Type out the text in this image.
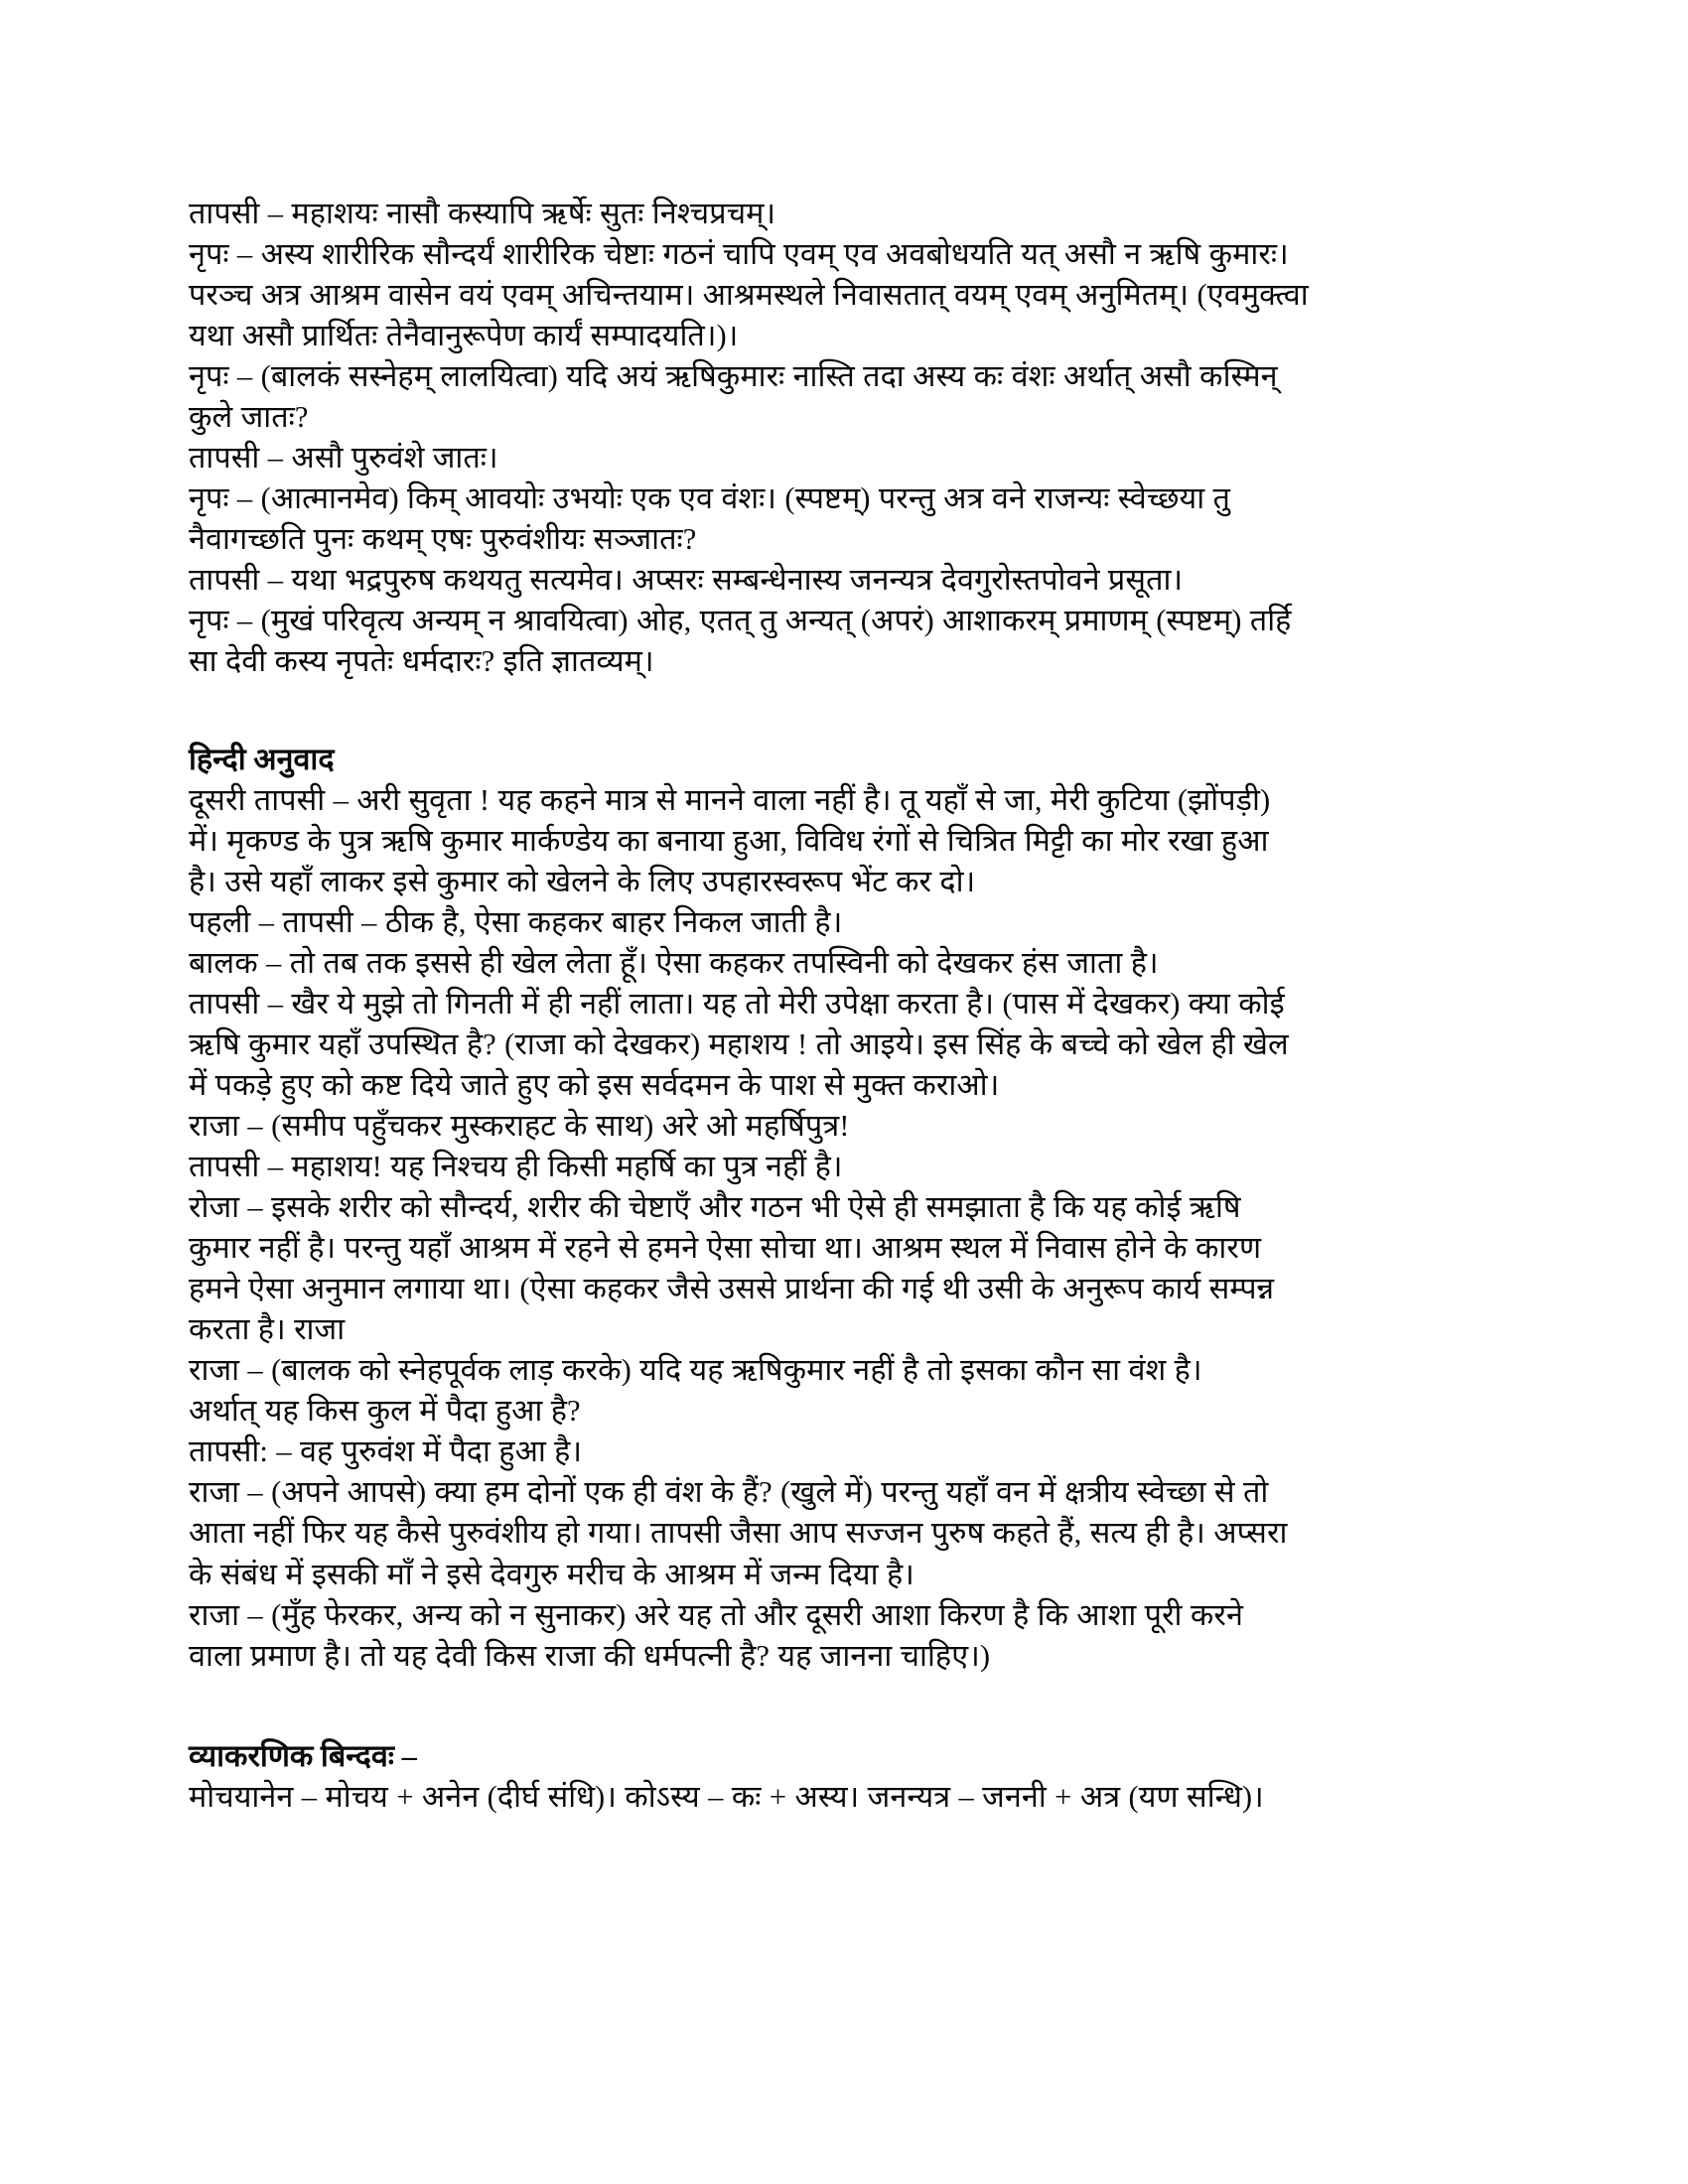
तापसी – महाशयः नासौ कस्यापि ऋर्षेः सुतः निश्चप्रचम्।
नृपः – अस्य शारीरिक सौन्दर्यं शारीरिक चेष्टाः गठनं चापि एवम् एव अवबोधयति यत् असौ न ऋषि कुमारः।
परञ्च अत्र आश्रम वासेन वयं एवम् अचिन्तयाम। आश्रमस्थले निवासतात् वयम् एवम् अनुमितम्। (एवमुक्त्वा
यथा असौ प्रार्थितः तेनैवानुरूपेण कार्यं सम्पादयति।)।
नृपः – (बालकं सस्नेहम् लालयित्वा) यदि अयं ऋषिकुमारः नास्ति तदा अस्य कः वंशः अर्थात् असौ कस्मिन्
कुले जातः?
तापसी – असौ पुरुवंशे जातः।
नृपः – (आत्मानमेव) किम् आवयोः उभयोः एक एव वंशः। (स्पष्टम्) परन्तु अत्र वने राजन्यः स्वेच्छया तु
नैवागच्छति पुनः कथम् एषः पुरुवंशीयः सञ्जातः?
तापसी – यथा भद्रपुरुष कथयतु सत्यमेव। अप्सरः सम्बन्धेनास्य जनन्यत्र देवगुरोस्तपोवने प्रसूता।
नृपः – (मुखं परिवृत्य अन्यम् न श्रावयित्वा) ओह, एतत् तु अन्यत् (अपरं) आशाकरम् प्रमाणम् (स्पष्टम्) तर्हि
सा देवी कस्य नृपतेः धर्मदारः? इति ज्ञातव्यम्।
हिन्दी अनुवाद
दूसरी तापसी – अरी सुवृता ! यह कहने मात्र से मानने वाला नहीं है। तू यहाँ से जा, मेरी कुटिया (झोंपड़ी)
में। मृकण्ड के पुत्र ऋषि कुमार मार्कण्डेय का बनाया हुआ, विविध रंगों से चित्रित मिट्टी का मोर रखा हुआ
है। उसे यहाँ लाकर इसे कुमार को खेलने के लिए उपहारस्वरूप भेंट कर दो।
पहली – तापसी – ठीक है, ऐसा कहकर बाहर निकल जाती है।
बालक – तो तब तक इससे ही खेल लेता हूँ। ऐसा कहकर तपस्विनी को देखकर हंस जाता है।
तापसी – खैर ये मुझे तो गिनती में ही नहीं लाता। यह तो मेरी उपेक्षा करता है। (पास में देखकर) क्या कोई
ऋषि कुमार यहाँ उपस्थित है? (राजा को देखकर) महाशय ! तो आइये। इस सिंह के बच्चे को खेल ही खेल
में पकड़े हुए को कष्ट दिये जाते हुए को इस सर्वदमन के पाश से मुक्त कराओ।
राजा – (समीप पहुँचकर मुस्कराहट के साथ) अरे ओ महर्षिपुत्र!
तापसी – महाशय! यह निश्चय ही किसी महर्षि का पुत्र नहीं है।
रोजा – इसके शरीर को सौन्दर्य, शरीर की चेष्टाएँ और गठन भी ऐसे ही समझाता है कि यह कोई ऋषि
कुमार नहीं है। परन्तु यहाँ आश्रम में रहने से हमने ऐसा सोचा था। आश्रम स्थल में निवास होने के कारण
हमने ऐसा अनुमान लगाया था। (ऐसा कहकर जैसे उससे प्रार्थना की गई थी उसी के अनुरूप कार्य सम्पन्न
करता है। राजा
राजा – (बालक को स्नेहपूर्वक लाड़ करके) यदि यह ऋषिकुमार नहीं है तो इसका कौन सा वंश है।
अर्थात् यह किस कुल में पैदा हुआ है?
तापसी: – वह पुरुवंश में पैदा हुआ है।
राजा – (अपने आपसे) क्या हम दोनों एक ही वंश के हैं? (खुले में) परन्तु यहाँ वन में क्षत्रीय स्वेच्छा से तो
आता नहीं फिर यह कैसे पुरुवंशीय हो गया। तापसी जैसा आप सज्जन पुरुष कहते हैं, सत्य ही है। अप्सरा
के संबंध में इसकी माँ ने इसे देवगुरु मरीच के आश्रम में जन्म दिया है।
राजा – (मुँह फेरकर, अन्य को न सुनाकर) अरे यह तो और दूसरी आशा किरण है कि आशा पूरी करने
वाला प्रमाण है। तो यह देवी किस राजा की धर्मपत्नी है? यह जानना चाहिए।)
व्याकरणिक बिन्दवः –
मोचयानेन – मोचय + अनेन (दीर्घ संधि)। कोऽस्य – कः + अस्य। जनन्यत्र – जननी + अत्र (यण सन्धि)।
